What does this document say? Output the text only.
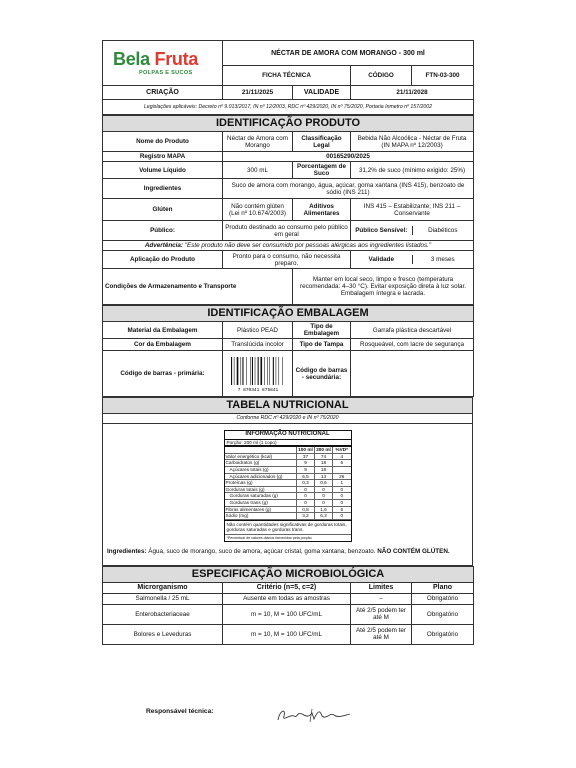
Bela Fruta
POLPAS E SUCOS	NÉCTAR DE AMORA COM MORANGO - 300 ml			
	FICHA TÉCNICA		CÓDIGO	FTN-03-300
CRIAÇÃO	21/11/2025	VALIDADE	21/11/2028	
Legislações aplicáveis: Decreto nº 9.013/2017, IN nº 12/2003, RDC nº 429/2020, IN nº 75/2020, Portaria Inmetro nº 157/2002				
IDENTIFICAÇÃO PRODUTO
Nome do Produto	Néctar de Amora com Morango	Classificação Legal	Bebida Não Alcoólica - Néctar de Fruta (IN MAPA nº 12/2003)
Registro MAPA	00165290/2025
Volume Líquido	300 mL	Porcentagem de Suco	31,2% de suco (mínimo exigido: 25%)
Ingredientes	Suco de amora com morango, água, açúcar, goma xantana (INS 415), benzoato de sódio (INS 211)
Glúten	Não contém glúten (Lei nº 10.674/2003)	Aditivos Alimentares	INS 415 – Estabilizante; INS 211 – Conservante
Público:	Produto destinado ao consumo pelo público em geral		Público Sensível:	Diabéticos

Advertência: "Este produto não deve ser consumido por pessoas alérgicas aos ingredientes listados."
Aplicação do Produto	Pronto para o consumo, não necessita preparo.		Validade	3 meses

Condições de Armazenamento e Transporte	Manter em local seco, limpo e fresco (temperatura recomendada: 4–30 °C). Evitar exposição direta à luz solar. Embalagem íntegra e lacrada.
IDENTIFICAÇÃO EMBALAGEM			
Material da Embalagem	Plástico PEAD	Tipo de Embalagem	Garrafa plástica descartável
Cor da Embalagem	Translúcida incolor	Tipo de Tampa	Rosqueável, com lacre de segurança
Código de barras - primária:	7 870341 875841	Código de barras - secundária:	
TABELA NUTRICIONAL
Conforme RDC nº 429/2020 e IN nº 75/2020

INFORMAÇÃO NUTRICIONAL
Porção: 200 ml (1 copo)
	100 ml	200 ml	%VD*
Valor energético (kcal)	37	74	4
Carboidratos (g)	9	18	6
Açúcares totais (g)	9	18	
Açúcares adicionados (g)	6,5	13	26
Proteínas (g)	0,3	0,6	1
Gorduras totais (g)	0	0	0
Gorduras saturadas (g)	0	0	0
Gorduras trans (g)	0	0	0
Fibras alimentares (g)	0,8	1,6	6
Sódio (mg)	3,2	6,3	0
Não contém quantidades significativas de gorduras totais, gorduras saturadas e gorduras trans.
*Percentual de valores diários fornecidos pela porção
Ingredientes: Água, suco de morango, suco de amora, açúcar cristal, goma xantana, benzoato. NÃO CONTÉM GLÚTEN.
ESPECIFICAÇÃO MICROBIOLÓGICA			
Microrganismo	Critério (n=5, c=2)	Limites	Plano
Salmonella / 25 mL	Ausente em todas as amostras	–	Obrigatório
Enterobacteriaceae	m = 10, M = 100 UFC/mL	Até 2/5 podem ter até M	Obrigatório
Bolores e Leveduras	m = 10, M = 100 UFC/mL	Até 2/5 podem ter até M	Obrigatório
Responsável técnica:
